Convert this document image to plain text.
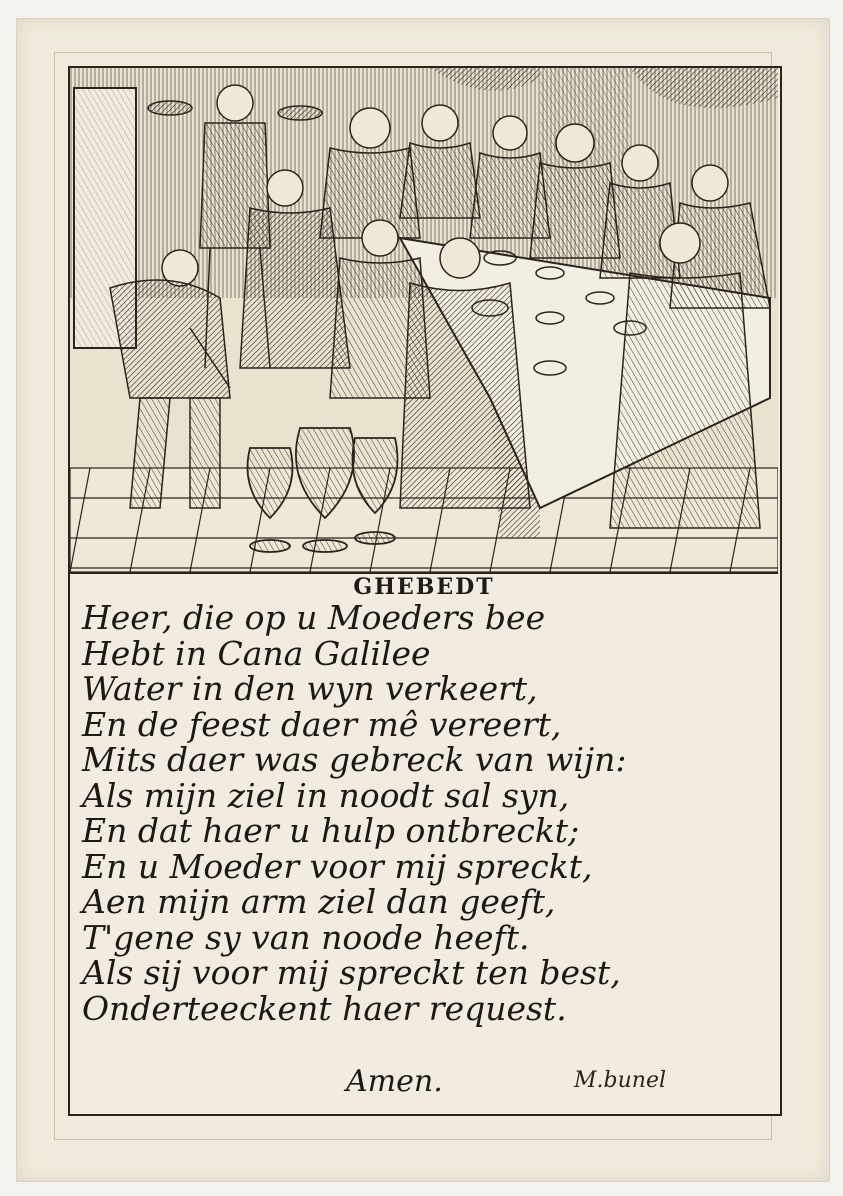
GHEBEDT
Heer, die op u Moeders bee
Hebt in Cana Galilee
Water in den wyn verkeert,
En de feest daer mê vereert,
Mits daer was gebreck van wijn:
Als mijn ziel in noodt sal syn,
En dat haer u hulp ontbreckt;
En u Moeder voor mij spreckt,
Aen mijn arm ziel dan geeft,
T'gene sy van noode heeft.
Als sij voor mij spreckt ten best,
Onderteeckent haer request.
Amen.	M.bunel
